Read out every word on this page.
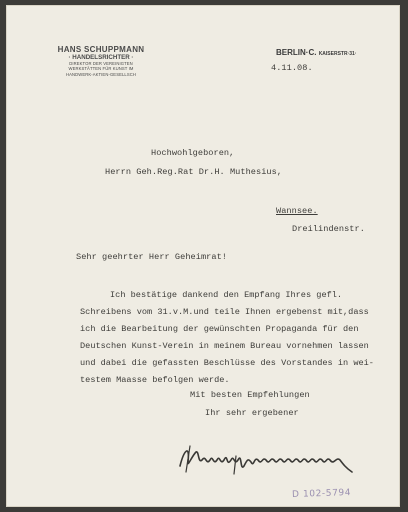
HANS SCHUPPMANN
· HANDELSRICHTER ·
DIREKTOR DER VEREINIGTEN
WERKSTÄTTEN FÜR KUNST IM
HANDWERK-AKTIEN-GESELLSCH
BERLIN·C. KAISERSTR·31·
4.11.08.
Hochwohlgeboren,
Herrn Geh.Reg.Rat Dr.H. Muthesius,
Wannsee.
Dreilindenstr.
Sehr geehrter Herr Geheimrat!
Ich bestätige dankend den Empfang Ihres gefl.
Schreibens vom 31.v.M.und teile Ihnen ergebenst mit,dass
ich die Bearbeitung der gewünschten Propaganda für den
Deutschen Kunst-Verein in meinem Bureau vornehmen lassen
und dabei die gefassten Beschlüsse des Vorstandes in wei-
testem Maasse befolgen werde.
Mit besten Empfehlungen
Ihr sehr ergebener
D 102-5794
